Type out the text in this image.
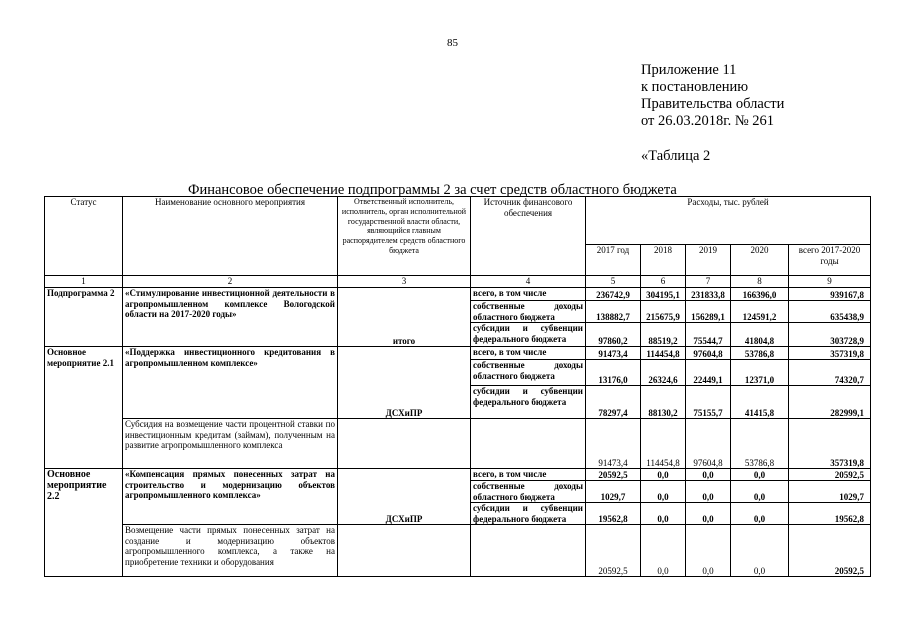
85
Приложение 11
к постановлению
Правительства области
от 26.03.2018г. № 261
«Таблица 2
Финансовое обеспечение подпрограммы 2 за счет средств областного бюджета
Статус	Наименование основного мероприятия	Ответственный исполнитель, исполнитель, орган исполнительной государственной власти области, являющийся главным распорядителем средств областного бюджета	Источник финансового обеспечения	Расходы, тыс. рублей				
				2017 год	2018	2019	2020	всего 2017-2020 годы
1	2	3	4	5	6	7	8	9
Подпрограмма 2	«Стимулирование инвестиционной деятельности в агропромышленном комплексе Вологодской области на 2017-2020 годы»	итого	всего, в том числе	236742,9	304195,1	231833,8	166396,0	939167,8
			собственные доходы областного бюджета	138882,7	215675,9	156289,1	124591,2	635438,9
			субсидии и субвенции федерального бюджета	97860,2	88519,2	75544,7	41804,8	303728,9
Основное мероприятие 2.1	«Поддержка инвестиционного кредитования в агропромышленном комплексе»	ДСХиПР	всего, в том числе	91473,4	114454,8	97604,8	53786,8	357319,8
			собственные доходы областного бюджета	13176,0	26324,6	22449,1	12371,0	74320,7
			субсидии и субвенции федерального бюджета	78297,4	88130,2	75155,7	41415,8	282999,1
	Субсидия на возмещение части процентной ставки по инвестиционным кредитам (займам), полученным на развитие агропромышленного комплекса			91473,4	114454,8	97604,8	53786,8	357319,8
Основное мероприятие 2.2	«Компенсация прямых понесенных затрат на строительство и модернизацию объектов агропромышленного комплекса»	ДСХиПР	всего, в том числе	20592,5	0,0	0,0	0,0	20592,5
			собственные доходы областного бюджета	1029,7	0,0	0,0	0,0	1029,7
			субсидии и субвенции федерального бюджета	19562,8	0,0	0,0	0,0	19562,8
	Возмещение части прямых понесенных затрат на создание и модернизацию объектов агропромышленного комплекса, а также на приобретение техники и оборудования			20592,5	0,0	0,0	0,0	20592,5
